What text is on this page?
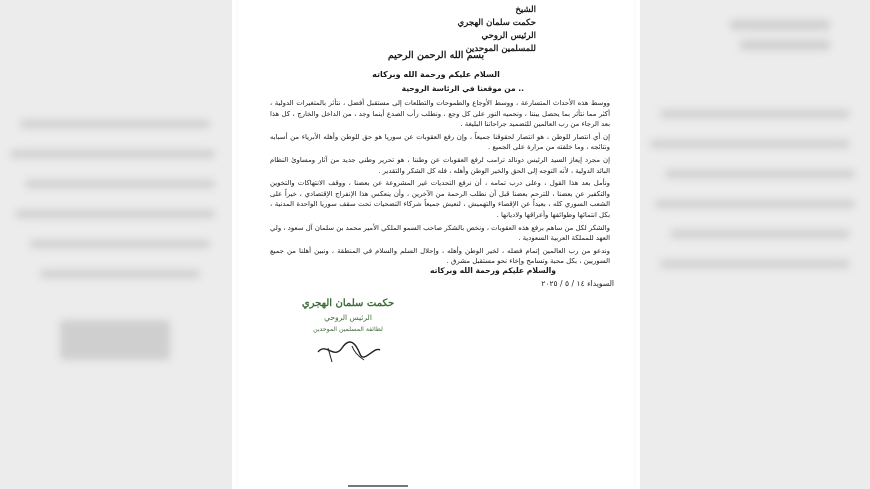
الشيخ
حكمت سلمان الهجري
الرئيس الروحي
للمسلمين الموحدين
بسم الله الرحمن الرحيم
السلام عليكم ورحمة الله وبركاته
.. من موقعنا في الرئاسة الروحية

ووسط هذه الأحداث المتسارعة ، ووسط الأوجاع والطموحات والتطلعات إلى مستقبل أفضل ، نتأثر بالمتغيرات الدولية ، أكثر مما نتأثر بما يحصل بيننا ، ونحميه النور على كل وجع ، ونطلب رأب الصدع أينما وجد ، من الداخل والخارج ، كل هذا بعد الرجاء من رب العالمين للتضميد جراحاتنا البليغة .

إن أي انتصار للوطن ، هو انتصار لحقوقنا جميعاً ، وإن رفع العقوبات عن سوريا هو حق للوطن وأهله الأبرياء من أسبابه ونتائجه ، وما خلفته من مرارة على الجميع .

إن مجرد إيعاز السيد الرئيس دونالد ترامب لرفع العقوبات عن وطننا ، هو تحرير وطني جديد من آثار ومساوئ النظام البائد الدولية ، لأنه التوجه إلى الحق والخير الوطن وأهله ، فله كل الشكر والتقدير .

ونأمل بعد هذا القول ، وعلى درب تمامه ، أن نرفع التحديات غير المشروعة عن بعضنا ، ووقف الانتهاكات والتخوين والتكفير عن بعضنا ، للترحم بعضنا قبل أن نطلب الرحمة من الآخرين ، وأن ينعكس هذا الإنفراج الإقتصادي ، خيراً على الشعب السوري كله ، بعيداً عن الإقصاء والتهميش ، لنعيش جميعاً شركاء التضحيات تحت سقف سوريا الواحدة المدنية ، بكل انتمائها وطوائفها وأعراقها ولاديانها .

والشكر لكل من ساهم برفع هذه العقوبات ، ونخص بالشكر صاحب السمو الملكي الأمير محمد بن سلمان آل سعود ، ولي العهد للمملكة العربية السعودية .

وندعو من رب العالمين إتمام فضله ، لخير الوطن وأهله ، وإحلال السلم والسلام في المنطقة ، ونبين أهلنا من جميع السوريين ، بكل محبة وتسامح وإخاء نحو مستقبل مشرق .

والسلام عليكم ورحمة الله وبركاته
السويداء ١٤ / ٥ / ٢٠٢٥
حكمت سلمان الهجري
الرئيس الروحي
لطائفة المسلمين الموحدين
